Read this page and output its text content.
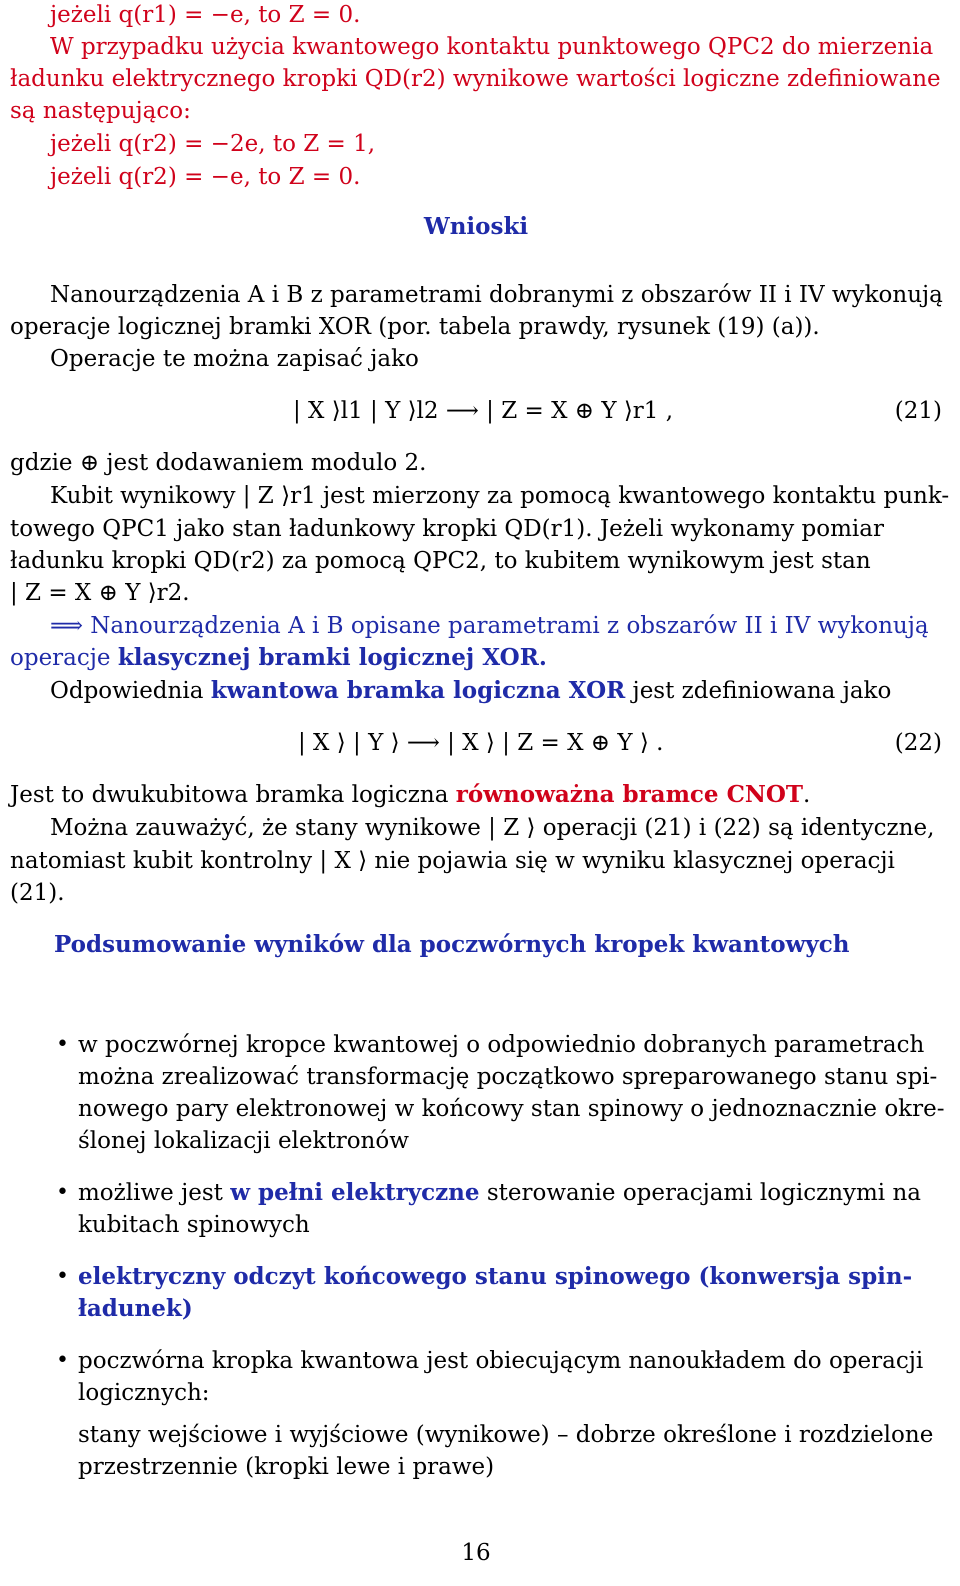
jeżeli q(r1) = −e, to Z = 0.
W przypadku użycia kwantowego kontaktu punktowego QPC2 do mierzenia
ładunku elektrycznego kropki QD(r2) wynikowe wartości logiczne zdefiniowane
są następująco:
jeżeli q(r2) = −2e, to Z = 1,
jeżeli q(r2) = −e, to Z = 0.
Wnioski
Nanourządzenia A i B z parametrami dobranymi z obszarów II i IV wykonują
operacje logicznej bramki XOR (por. tabela prawdy, rysunek (19) (a)).
Operacje te można zapisać jako
| X ⟩l1 | Y ⟩l2 ⟶ | Z = X ⊕ Y ⟩r1 ,	(21)
gdzie ⊕ jest dodawaniem modulo 2.
Kubit wynikowy | Z ⟩r1 jest mierzony za pomocą kwantowego kontaktu punk-
towego QPC1 jako stan ładunkowy kropki QD(r1). Jeżeli wykonamy pomiar
ładunku kropki QD(r2) za pomocą QPC2, to kubitem wynikowym jest stan
| Z = X ⊕ Y ⟩r2.
⟹ Nanourządzenia A i B opisane parametrami z obszarów II i IV wykonują
operacje klasycznej bramki logicznej XOR.
Odpowiednia kwantowa bramka logiczna XOR jest zdefiniowana jako
| X ⟩ | Y ⟩ ⟶ | X ⟩ | Z = X ⊕ Y ⟩ .	(22)
Jest to dwukubitowa bramka logiczna równoważna bramce CNOT.
Można zauważyć, że stany wynikowe | Z ⟩ operacji (21) i (22) są identyczne,
natomiast kubit kontrolny | X ⟩ nie pojawia się w wyniku klasycznej operacji
(21).
Podsumowanie wyników dla poczwórnych kropek kwantowych
• w poczwórnej kropce kwantowej o odpowiednio dobranych parametrach
można zrealizować transformację początkowo spreparowanego stanu spi-
nowego pary elektronowej w końcowy stan spinowy o jednoznacznie okre-
ślonej lokalizacji elektronów
• możliwe jest w pełni elektryczne sterowanie operacjami logicznymi na
kubitach spinowych
• elektryczny odczyt końcowego stanu spinowego (konwersja spin-
ładunek)
• poczwórna kropka kwantowa jest obiecującym nanoukładem do operacji
logicznych:
stany wejściowe i wyjściowe (wynikowe) – dobrze określone i rozdzielone
przestrzennie (kropki lewe i prawe)
16
